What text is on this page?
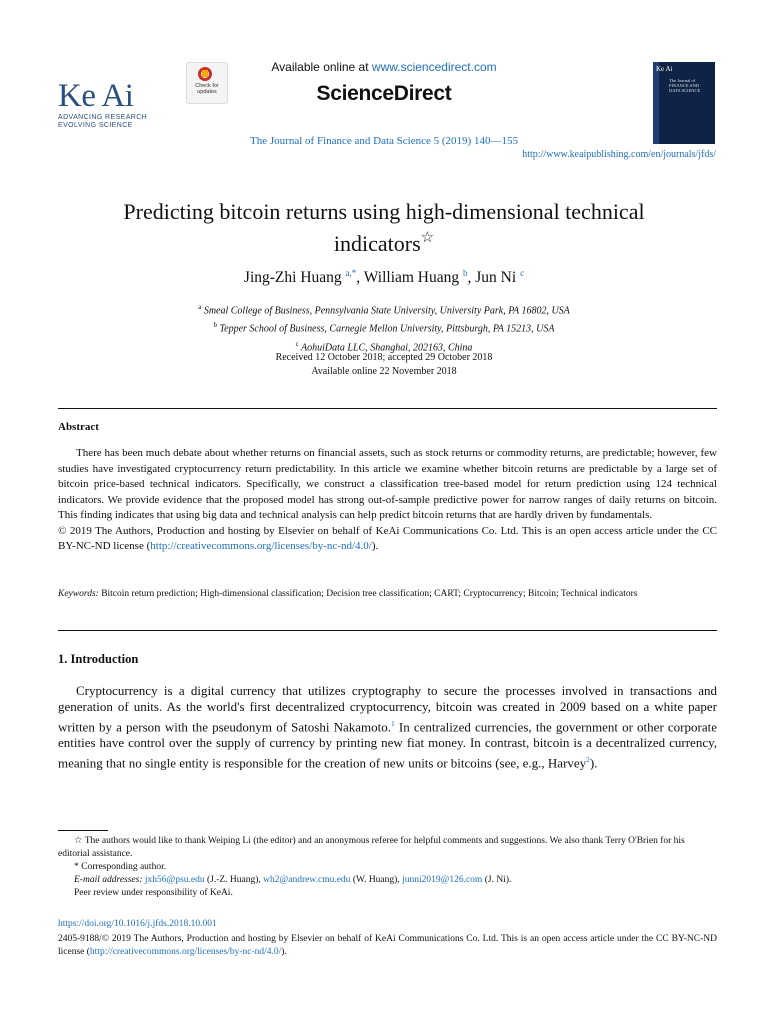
Ke Ai
ADVANCING RESEARCH
EVOLVING SCIENCE
Check for
updates
Available online at www.sciencedirect.com
ScienceDirect
Ke Ai
The Journal of FINANCE AND DATA SCIENCE
The Journal of Finance and Data Science 5 (2019) 140—155
http://www.keaipublishing.com/en/journals/jfds/
Predicting bitcoin returns using high-dimensional technical
indicators☆
Jing-Zhi Huang $^{a,*}$, William Huang $^b$, Jun Ni $^c$
$^a$ Smeal College of Business, Pennsylvania State University, University Park, PA 16802, USA
$^b$ Tepper School of Business, Carnegie Mellon University, Pittsburgh, PA 15213, USA
$^c$ AohuiData LLC, Shanghai, 202163, China
Received 12 October 2018; accepted 29 October 2018
Available online 22 November 2018
Abstract

There has been much debate about whether returns on financial assets, such as stock returns or commodity returns, are predictable; however, few studies have investigated cryptocurrency return predictability. In this article we examine whether bitcoin returns are predictable by a large set of bitcoin price-based technical indicators. Specifically, we construct a classification tree-based model for return prediction using 124 technical indicators. We provide evidence that the proposed model has strong out-of-sample predictive power for narrow ranges of daily returns on bitcoin. This finding indicates that using big data and technical analysis can help predict bitcoin returns that are hardly driven by fundamentals.

© 2019 The Authors, Production and hosting by Elsevier on behalf of KeAi Communications Co. Ltd. This is an open access article under the CC BY-NC-ND license (http://creativecommons.org/licenses/by-nc-nd/4.0/).

Keywords: Bitcoin return prediction; High-dimensional classification; Decision tree classification; CART; Cryptocurrency; Bitcoin; Technical indicators
1. Introduction

Cryptocurrency is a digital currency that utilizes cryptography to secure the processes involved in transactions and generation of units. As the world's first decentralized cryptocurrency, bitcoin was created in 2009 based on a white paper written by a person with the pseudonym of Satoshi Nakamoto.$^1$ In centralized currencies, the government or other corporate entities have control over the supply of currency by printing new fiat money. In contrast, bitcoin is a decentralized currency, meaning that no single entity is responsible for the creation of new units or bitcoins (see, e.g., Harvey$^2$).

☆ The authors would like to thank Weiping Li (the editor) and an anonymous referee for helpful comments and suggestions. We also thank Terry O'Brien for his editorial assistance.
* Corresponding author.
E-mail addresses: jxh56@psu.edu (J.-Z. Huang), wh2@andrew.cmu.edu (W. Huang), junni2019@126.com (J. Ni).
Peer review under responsibility of KeAi.
https://doi.org/10.1016/j.jfds.2018.10.001
2405-9188/© 2019 The Authors, Production and hosting by Elsevier on behalf of KeAi Communications Co. Ltd. This is an open access article under the CC BY-NC-ND license (http://creativecommons.org/licenses/by-nc-nd/4.0/).
